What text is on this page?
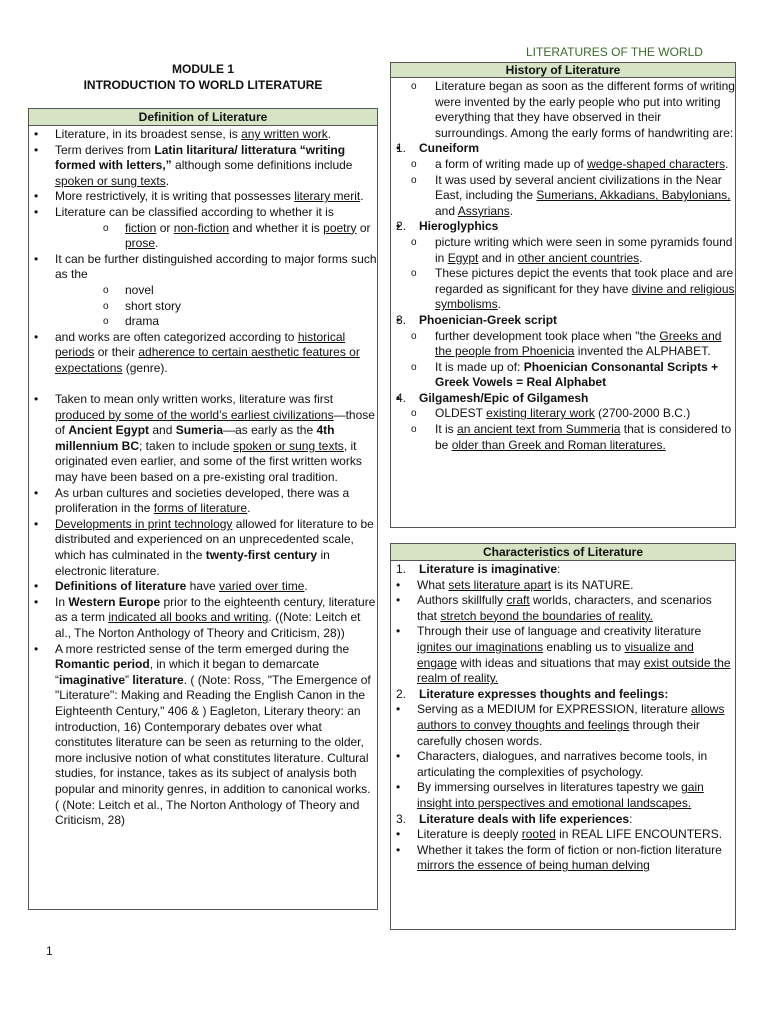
LITERATURES OF THE WORLD
MODULE 1
INTRODUCTION TO WORLD LITERATURE
Definition of Literature
• Literature, in its broadest sense, is any written work.
• Term derives from Latin litaritura/ litteratura “writing formed with letters,” although some definitions include spoken or sung texts.
• More restrictively, it is writing that possesses literary merit.
• Literature can be classified according to whether it is
o fiction or non-fiction and whether it is poetry or prose.
• It can be further distinguished according to major forms such as the
o novel
o short story
o drama
• and works are often categorized according to historical periods or their adherence to certain aesthetic features or expectations (genre).
• Taken to mean only written works, literature was first produced by some of the world’s earliest civilizations—those of Ancient Egypt and Sumeria—as early as the 4th millennium BC; taken to include spoken or sung texts, it originated even earlier, and some of the first written works may have been based on a pre-existing oral tradition.
• As urban cultures and societies developed, there was a proliferation in the forms of literature.
• Developments in print technology allowed for literature to be distributed and experienced on an unprecedented scale, which has culminated in the twenty-first century in electronic literature.
• Definitions of literature have varied over time.
• In Western Europe prior to the eighteenth century, literature as a term indicated all books and writing. ((Note: Leitch et al., The Norton Anthology of Theory and Criticism, 28))
• A more restricted sense of the term emerged during the Romantic period, in which it began to demarcate “imaginative” literature. ( (Note: Ross, "The Emergence of "Literature": Making and Reading the English Canon in the Eighteenth Century," 406 & ) Eagleton, Literary theory: an introduction, 16) Contemporary debates over what constitutes literature can be seen as returning to the older, more inclusive notion of what constitutes literature. Cultural studies, for instance, takes as its subject of analysis both popular and minority genres, in addition to canonical works. ( (Note: Leitch et al., The Norton Anthology of Theory and Criticism, 28)
History of Literature
o Literature began as soon as the different forms of writing were invented by the early people who put into writing everything that they have observed in their surroundings. Among the early forms of handwriting are:
• 1. Cuneiform
o a form of writing made up of wedge-shaped characters.
o It was used by several ancient civilizations in the Near East, including the Sumerians, Akkadians, Babylonians, and Assyrians.
• 2. Hieroglyphics
o picture writing which were seen in some pyramids found in Egypt and in other ancient countries.
o These pictures depict the events that took place and are regarded as significant for they have divine and religious symbolisms.
• 3. Phoenician-Greek script
o further development took place when "the Greeks and the people from Phoenicia invented the ALPHABET.
o It is made up of: Phoenician Consonantal Scripts + Greek Vowels = Real Alphabet
• 4. Gilgamesh/Epic of Gilgamesh
o OLDEST existing literary work (2700-2000 B.C.)
o It is an ancient text from Summeria that is considered to be older than Greek and Roman literatures.
Characteristics of Literature
1. Literature is imaginative:
• What sets literature apart is its NATURE.
• Authors skillfully craft worlds, characters, and scenarios that stretch beyond the boundaries of reality.
• Through their use of language and creativity literature ignites our imaginations enabling us to visualize and engage with ideas and situations that may exist outside the realm of reality.
2. Literature expresses thoughts and feelings:
• Serving as a MEDIUM for EXPRESSION, literature allows authors to convey thoughts and feelings through their carefully chosen words.
• Characters, dialogues, and narratives become tools, in articulating the complexities of psychology.
• By immersing ourselves in literatures tapestry we gain insight into perspectives and emotional landscapes.
3. Literature deals with life experiences:
• Literature is deeply rooted in REAL LIFE ENCOUNTERS.
• Whether it takes the form of fiction or non-fiction literature mirrors the essence of being human delving
1
